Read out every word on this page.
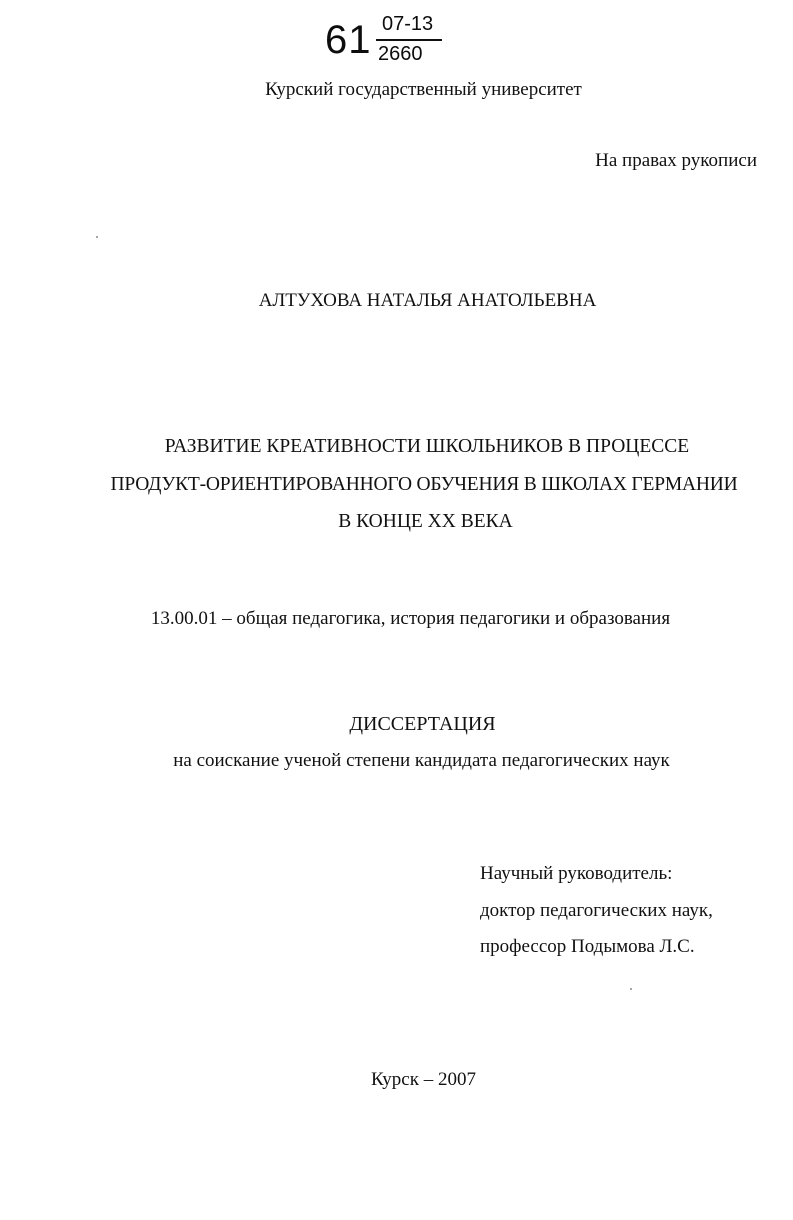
61 07-13
2660
Курский государственный университет
На правах рукописи
АЛТУХОВА НАТАЛЬЯ АНАТОЛЬЕВНА
РАЗВИТИЕ КРЕАТИВНОСТИ ШКОЛЬНИКОВ В ПРОЦЕССЕ
ПРОДУКТ-ОРИЕНТИРОВАННОГО ОБУЧЕНИЯ В ШКОЛАХ ГЕРМАНИИ
В КОНЦЕ XX ВЕКА
13.00.01 – общая педагогика, история педагогики и образования
ДИССЕРТАЦИЯ
на соискание ученой степени кандидата педагогических наук
Научный руководитель:
доктор педагогических наук,
профессор Подымова Л.С.
Курск – 2007
